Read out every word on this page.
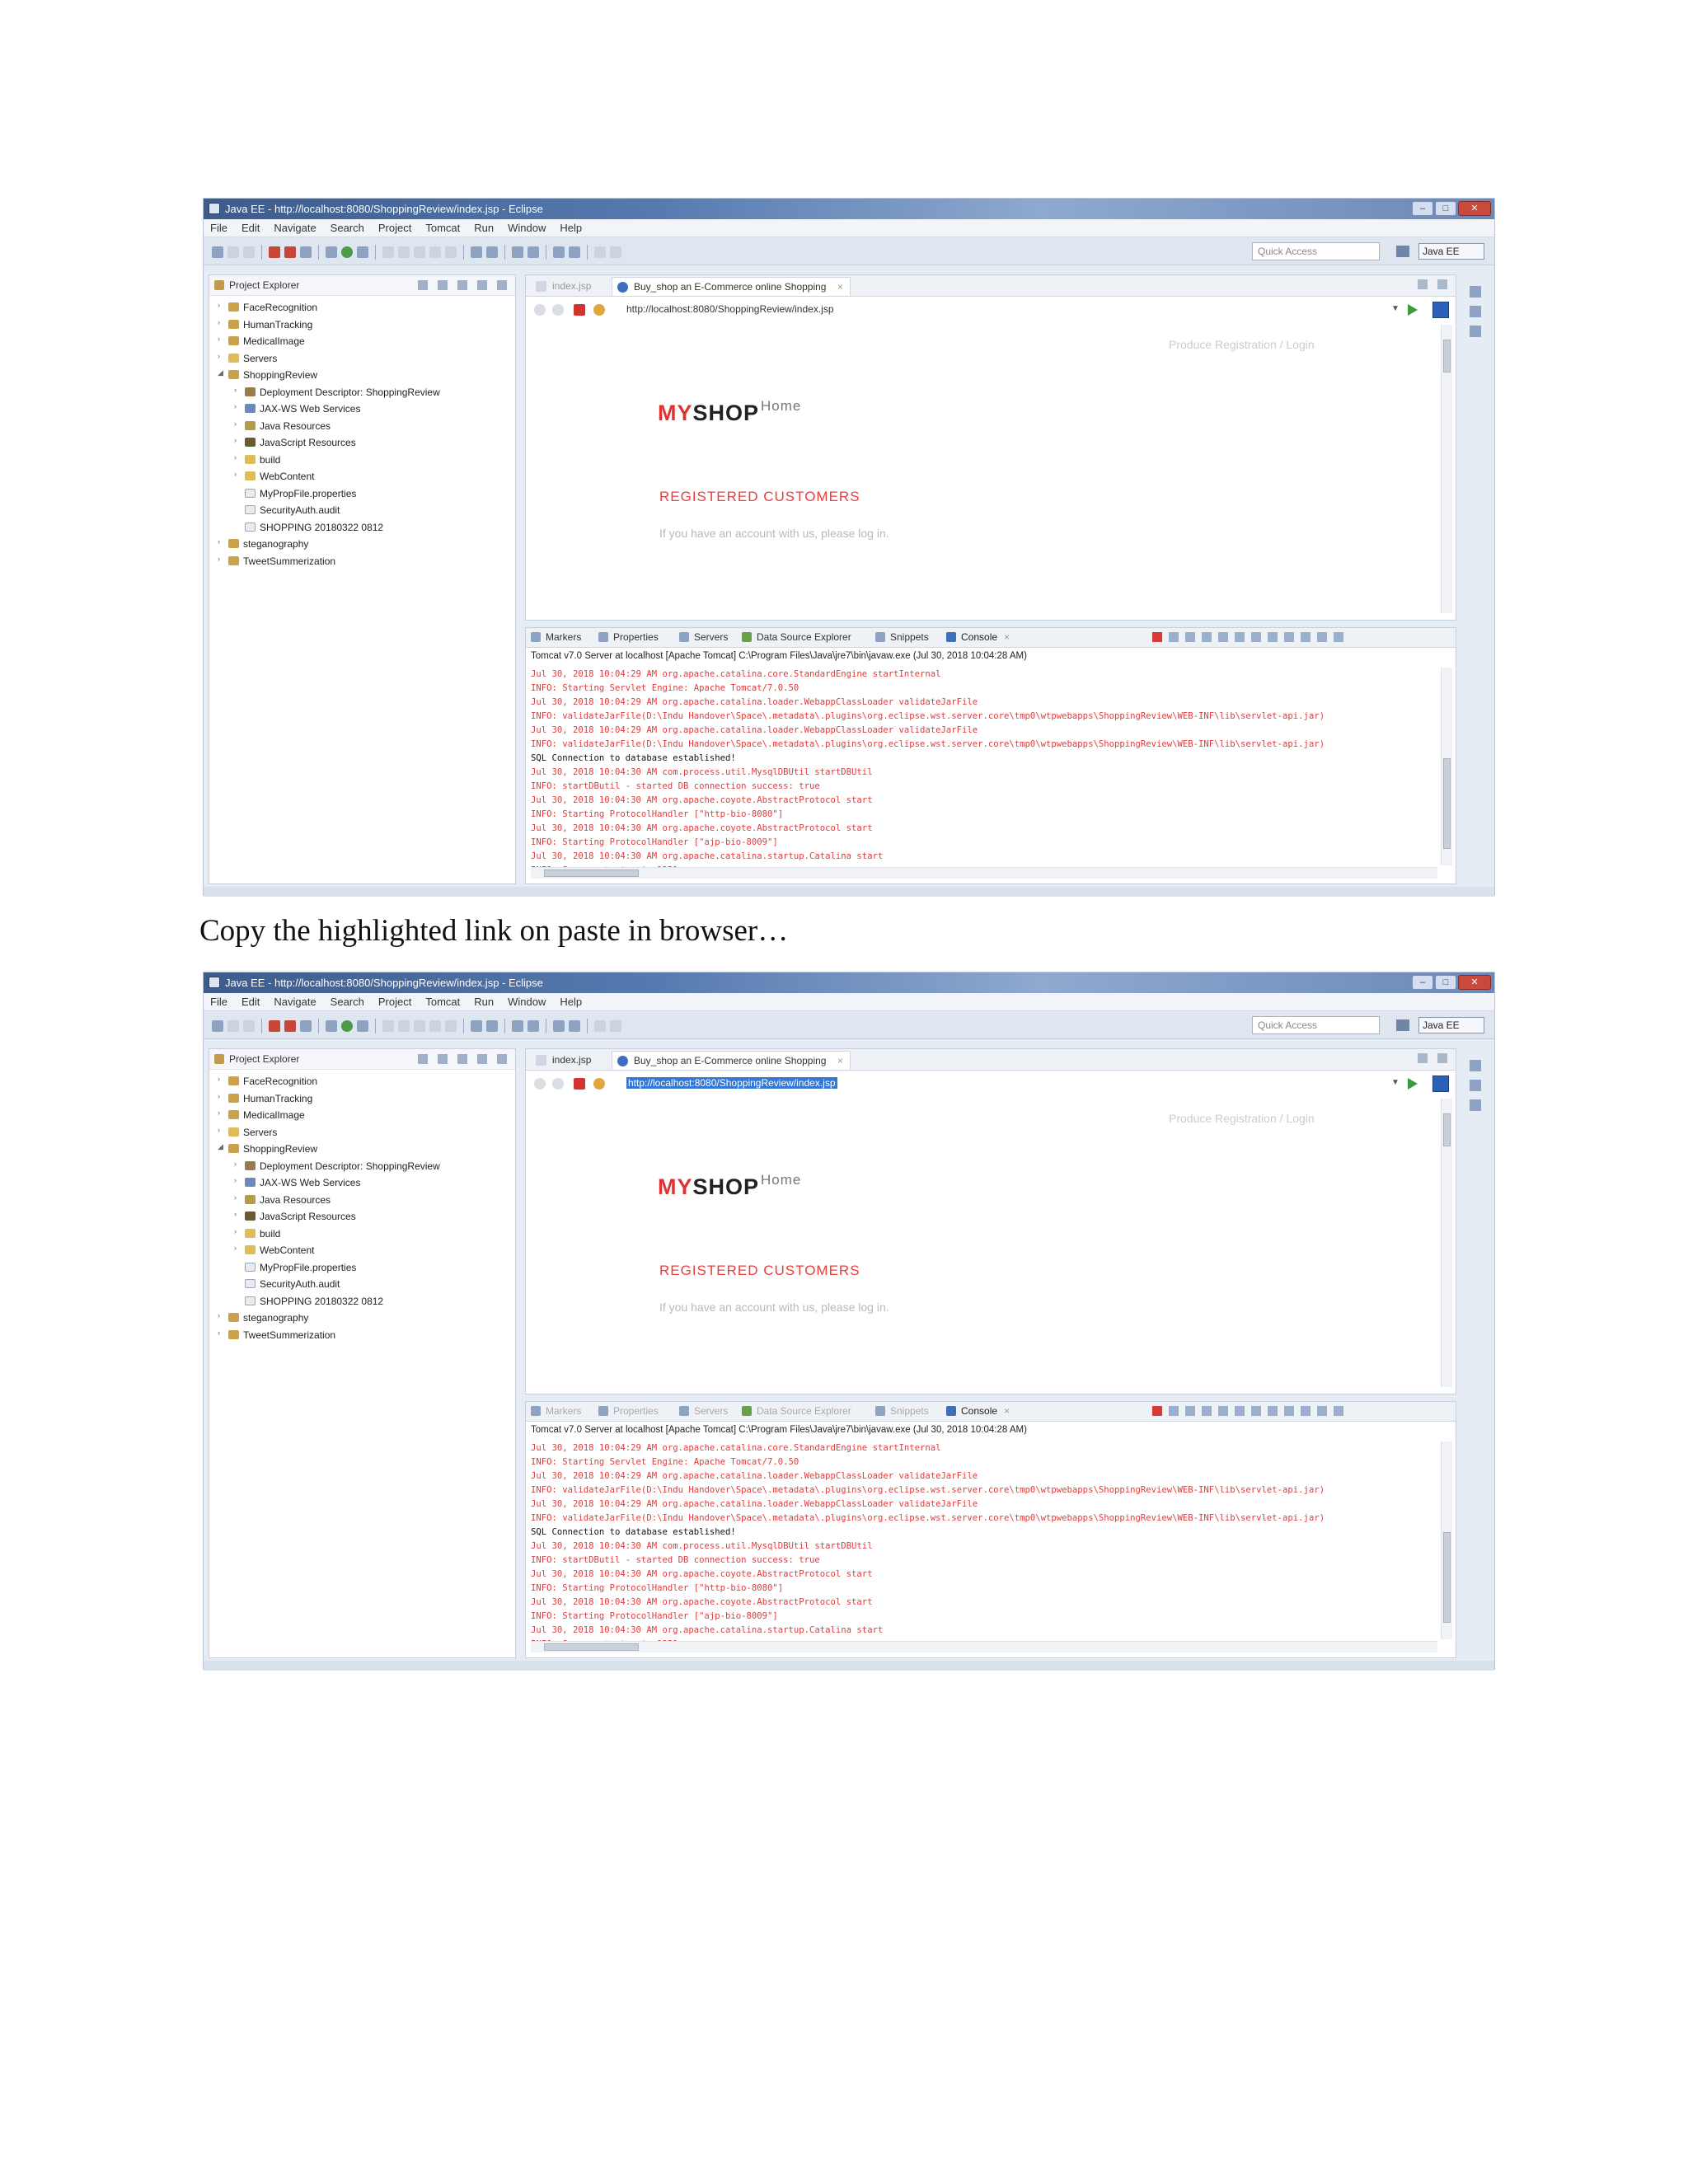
Java EE - http://localhost:8080/ShoppingReview/index.jsp - Eclipse	–	□	✕
File Edit Navigate Search Project Tomcat Run Window Help
Quick Access	Java EE
Project Explorer
›	FaceRecognition
›	HumanTracking
›	MedicalImage
›	Servers
◢ ShoppingReview
›	Deployment Descriptor: ShoppingReview
›	JAX-WS Web Services
›	Java Resources
›	JavaScript Resources
›	build
›	WebContent
MyPropFile.properties
SecurityAuth.audit
SHOPPING 20180322 0812
›	steganography
›	TweetSummerization
index.jsp	Buy_shop an E-Commerce online Shopping ×
http://localhost:8080/ShoppingReview/index.jsp	▼
Produce Registration / Login
MYSHOP $^{Home}$
REGISTERED CUSTOMERS
If you have an account with us, please log in.
Markers	Properties	Servers	Data Source Explorer	Snippets	Console ×
Tomcat v7.0 Server at localhost [Apache Tomcat] C:\Program Files\Java\jre7\bin\javaw.exe (Jul 30, 2018 10:04:28 AM)
Jul 30, 2018 10:04:29 AM org.apache.catalina.core.StandardEngine startInternal
INFO: Starting Servlet Engine: Apache Tomcat/7.0.50
Jul 30, 2018 10:04:29 AM org.apache.catalina.loader.WebappClassLoader validateJarFile
INFO: validateJarFile(D:\Indu Handover\Space\.metadata\.plugins\org.eclipse.wst.server.core\tmp0\wtpwebapps\ShoppingReview\WEB-INF\lib\servlet-api.jar)
Jul 30, 2018 10:04:29 AM org.apache.catalina.loader.WebappClassLoader validateJarFile
INFO: validateJarFile(D:\Indu Handover\Space\.metadata\.plugins\org.eclipse.wst.server.core\tmp0\wtpwebapps\ShoppingReview\WEB-INF\lib\servlet-api.jar)
SQL Connection to database established!
Jul 30, 2018 10:04:30 AM com.process.util.MysqlDBUtil startDBUtil
INFO: startDButil - started DB connection success: true
Jul 30, 2018 10:04:30 AM org.apache.coyote.AbstractProtocol start
INFO: Starting ProtocolHandler ["http-bio-8080"]
Jul 30, 2018 10:04:30 AM org.apache.coyote.AbstractProtocol start
INFO: Starting ProtocolHandler ["ajp-bio-8009"]
Jul 30, 2018 10:04:30 AM org.apache.catalina.startup.Catalina start
Copy the highlighted link on paste in browser…
Java EE - http://localhost:8080/ShoppingReview/index.jsp - Eclipse	–	□	✕
File Edit Navigate Search Project Tomcat Run Window Help
Quick Access	Java EE
Project Explorer
›	FaceRecognition
›	HumanTracking
›	MedicalImage
›	Servers
◢ ShoppingReview
›	Deployment Descriptor: ShoppingReview
›	JAX-WS Web Services
›	Java Resources
›	JavaScript Resources
›	build
›	WebContent
MyPropFile.properties
SecurityAuth.audit
SHOPPING 20180322 0812
›	steganography
›	TweetSummerization
index.jsp	Buy_shop an E-Commerce online Shopping ×
http://localhost:8080/ShoppingReview/index.jsp	▼
Produce Registration / Login
MYSHOP $^{Home}$
REGISTERED CUSTOMERS
If you have an account with us, please log in.
Markers	Properties	Servers	Data Source Explorer	Snippets	Console ×
Tomcat v7.0 Server at localhost [Apache Tomcat] C:\Program Files\Java\jre7\bin\javaw.exe (Jul 30, 2018 10:04:28 AM)
Jul 30, 2018 10:04:29 AM org.apache.catalina.core.StandardEngine startInternal
INFO: Starting Servlet Engine: Apache Tomcat/7.0.50
Jul 30, 2018 10:04:29 AM org.apache.catalina.loader.WebappClassLoader validateJarFile
INFO: validateJarFile(D:\Indu Handover\Space\.metadata\.plugins\org.eclipse.wst.server.core\tmp0\wtpwebapps\ShoppingReview\WEB-INF\lib\servlet-api.jar)
Jul 30, 2018 10:04:29 AM org.apache.catalina.loader.WebappClassLoader validateJarFile
INFO: validateJarFile(D:\Indu Handover\Space\.metadata\.plugins\org.eclipse.wst.server.core\tmp0\wtpwebapps\ShoppingReview\WEB-INF\lib\servlet-api.jar)
SQL Connection to database established!
Jul 30, 2018 10:04:30 AM com.process.util.MysqlDBUtil startDBUtil
INFO: startDButil - started DB connection success: true
Jul 30, 2018 10:04:30 AM org.apache.coyote.AbstractProtocol start
INFO: Starting ProtocolHandler ["http-bio-8080"]
Jul 30, 2018 10:04:30 AM org.apache.coyote.AbstractProtocol start
INFO: Starting ProtocolHandler ["ajp-bio-8009"]
Jul 30, 2018 10:04:30 AM org.apache.catalina.startup.Catalina start
